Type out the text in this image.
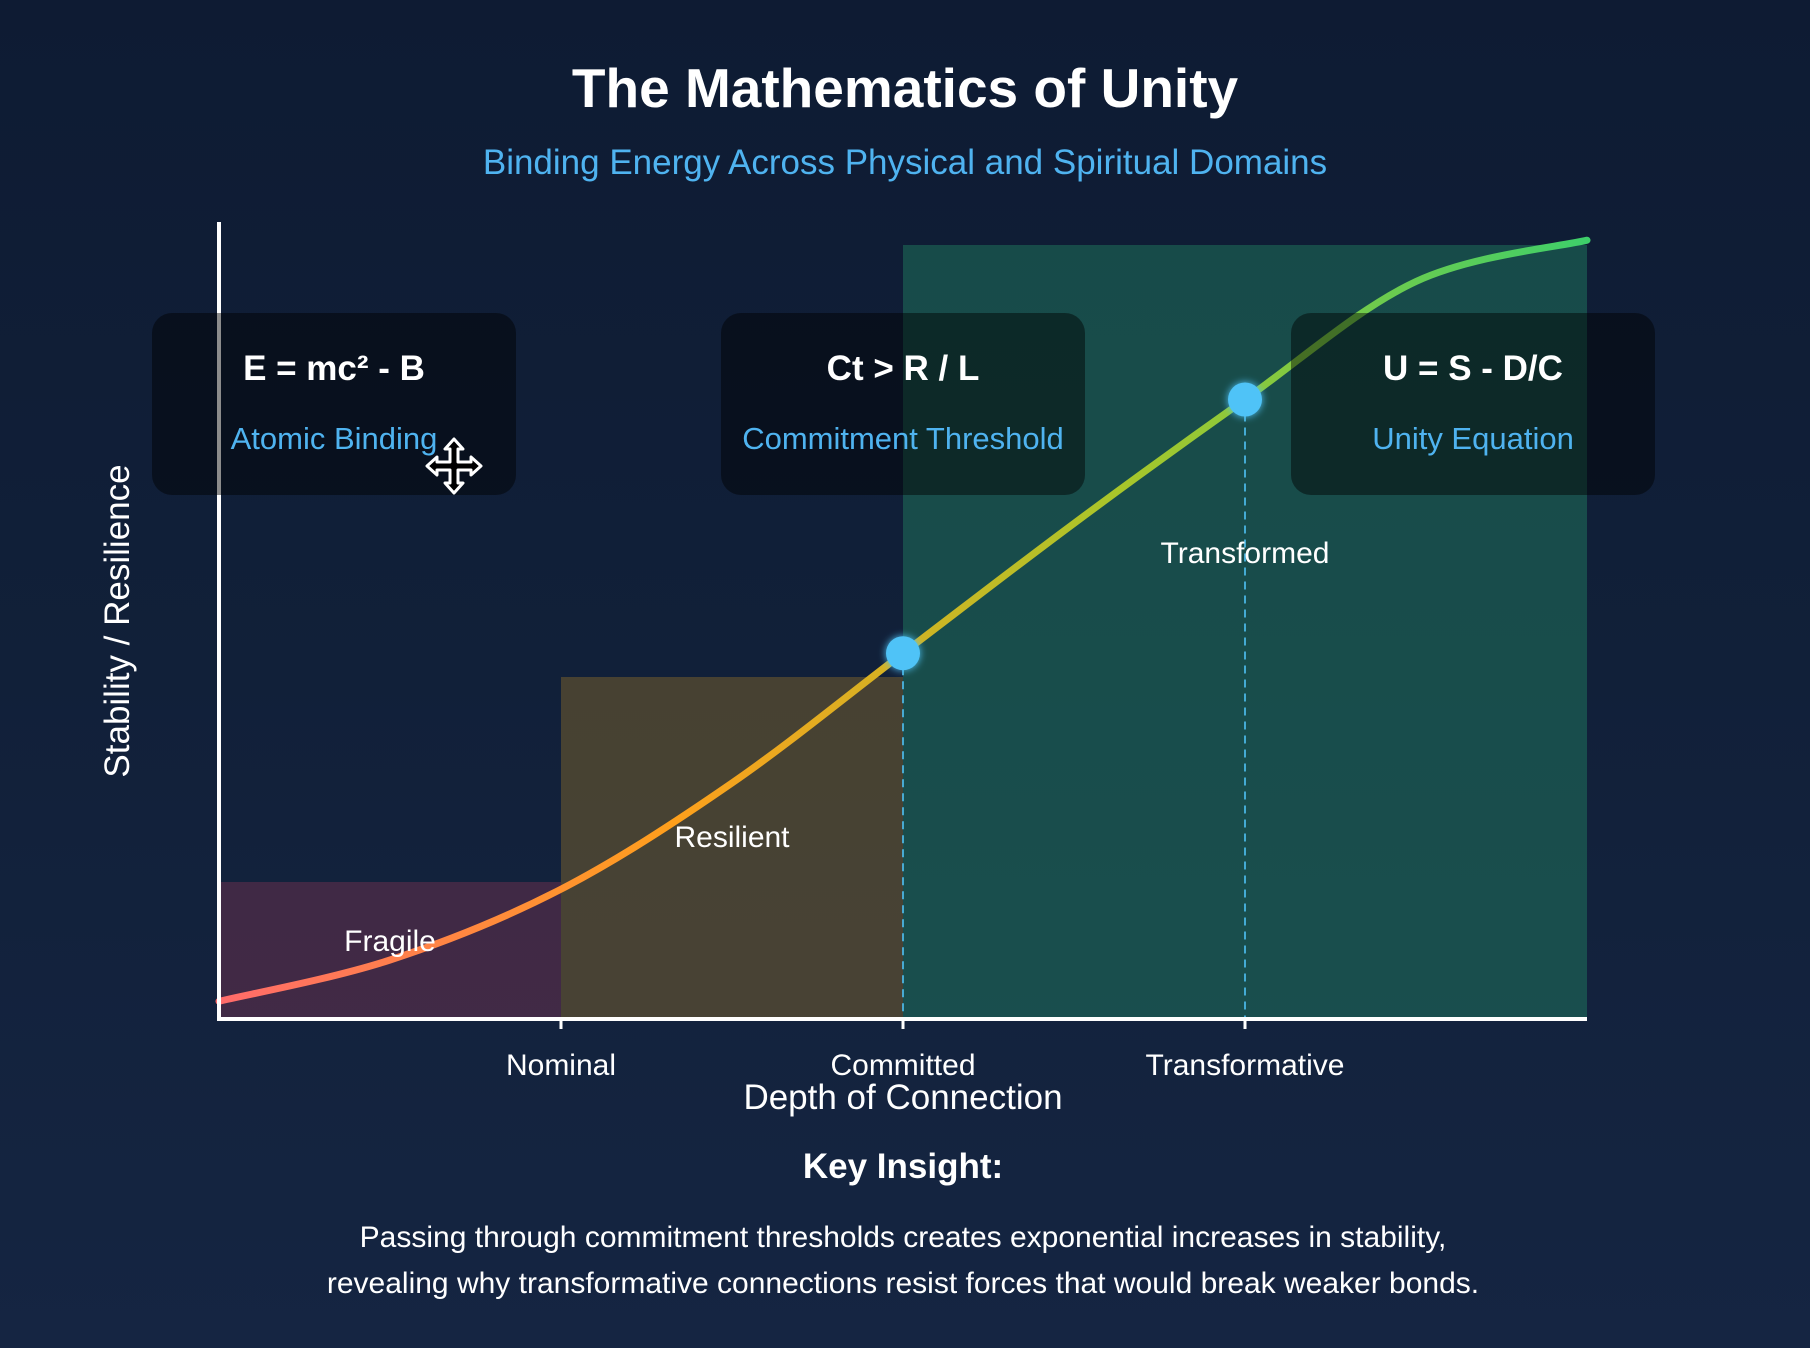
The Mathematics of Unity
Binding Energy Across Physical and Spiritual Domains
Nominal	Committed	Transformative
Depth of Connection
Stability / Resilience
Fragile
Resilient
Transformed
E = mc² - B
Atomic Binding
Ct > R / L
Commitment Threshold
U = S - D/C
Unity Equation
Key Insight:
Passing through commitment thresholds creates exponential increases in stability,
revealing why transformative connections resist forces that would break weaker bonds.
